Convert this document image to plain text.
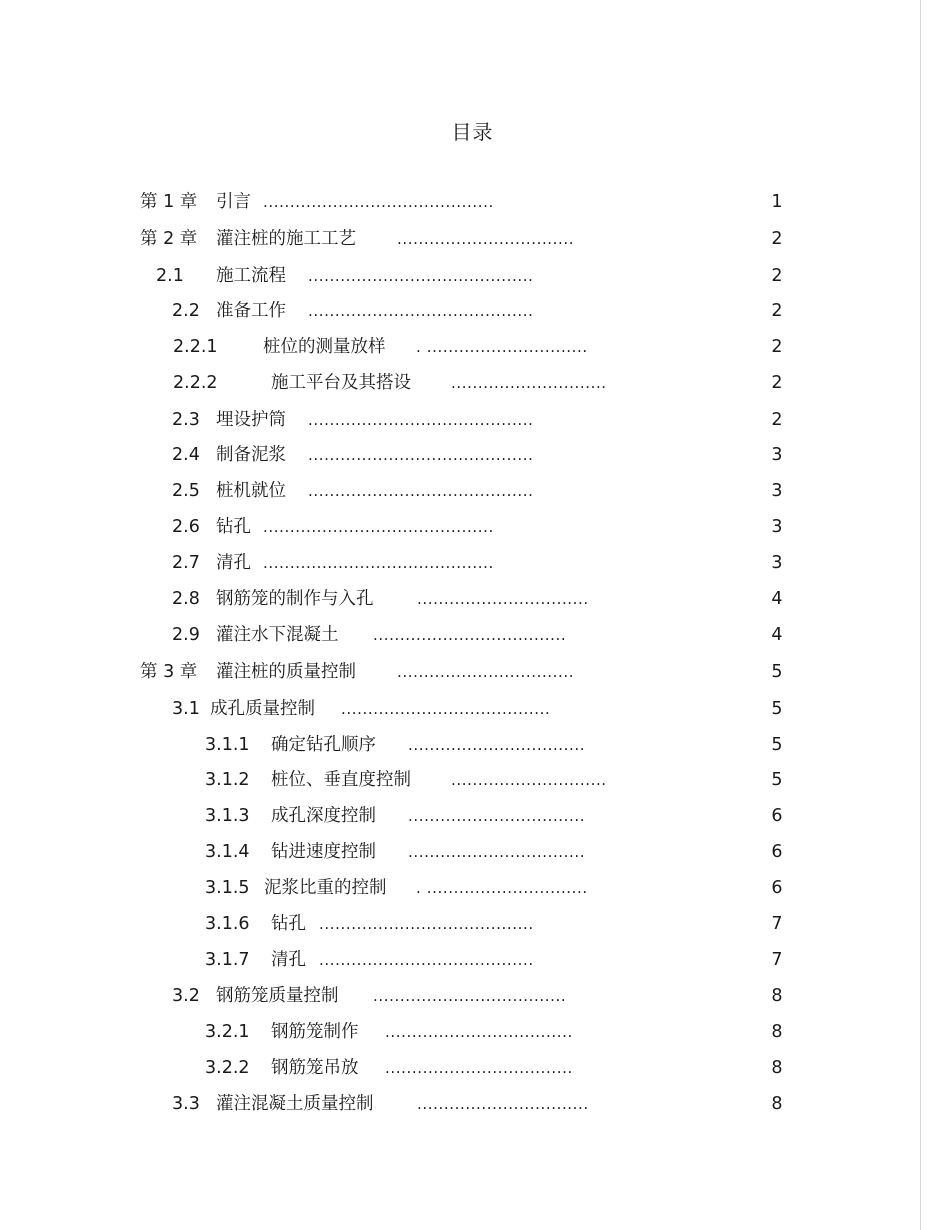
目录
第 1 章 引言 ...........................................	1
第 2 章 灌注桩的施工工艺	.................................	2
2.1 施工流程 ..........................................	2
2.2 准备工作 ..........................................	2
2.2.1	桩位的测量放样 . ..............................	2
2.2.2	施工平台及其搭设	.............................	2
2.3 埋设护筒 ..........................................	2
2.4 制备泥浆 ..........................................	3
2.5 桩机就位 ..........................................	3
2.6 钻孔 ...........................................	3
2.7 清孔 ...........................................	3
2.8 钢筋笼的制作与入孔	................................	4
2.9 灌注水下混凝土 ....................................	4
第 3 章 灌注桩的质量控制	.................................	5
3.1 成孔质量控制 .......................................	5
3.1.1 确定钻孔顺序 .................................	5
3.1.2 桩位、垂直度控制	.............................	5
3.1.3 成孔深度控制 .................................	6
3.1.4 钻进速度控制 .................................	6
3.1.5 泥浆比重的控制 . ..............................	6
3.1.6 钻孔 ........................................	7
3.1.7 清孔 ........................................	7
3.2 钢筋笼质量控制 ....................................	8
3.2.1 钢筋笼制作 ...................................	8
3.2.2 钢筋笼吊放 ...................................	8
3.3 灌注混凝土质量控制	................................	8
